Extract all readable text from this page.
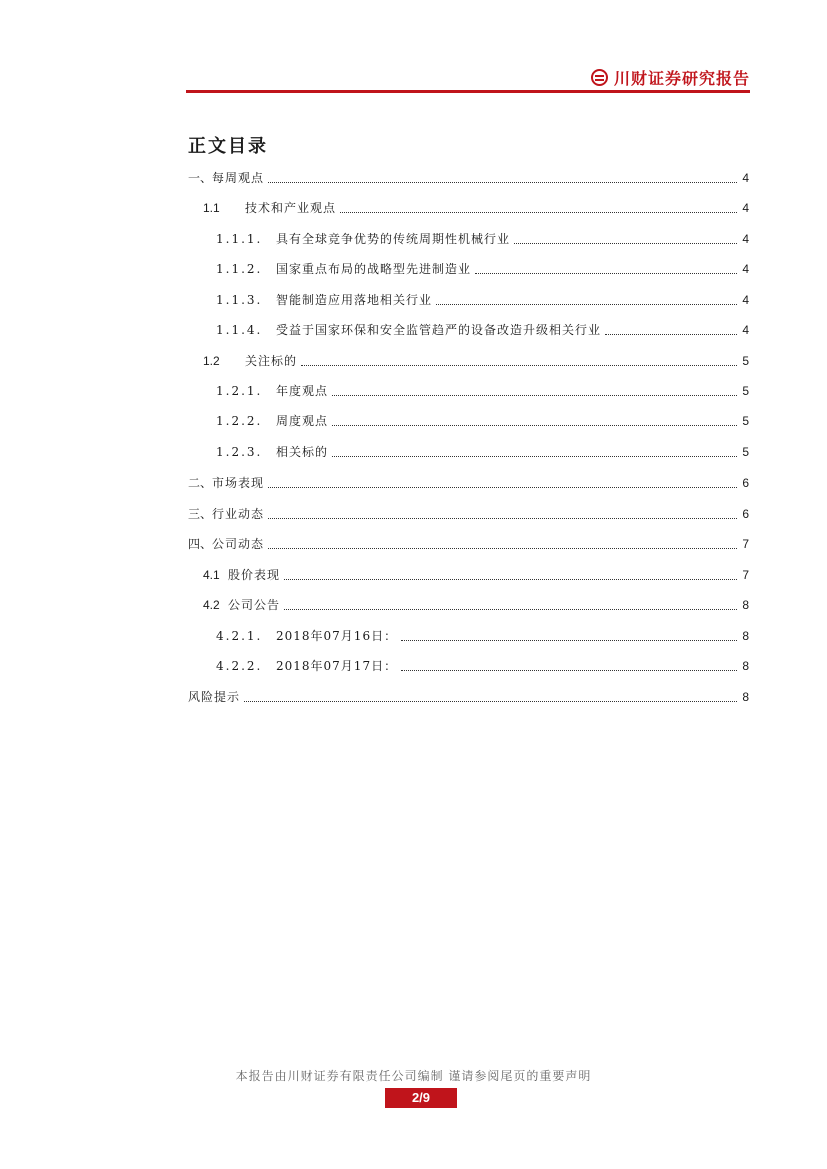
川财证券研究报告
正文目录
一、 每周观点	4
1.1	技术和产业观点	4
1.1.1.	具有全球竞争优势的传统周期性机械行业	4
1.1.2.	国家重点布局的战略型先进制造业	4
1.1.3.	智能制造应用落地相关行业	4
1.1.4.	受益于国家环保和安全监管趋严的设备改造升级相关行业	4
1.2	关注标的	5
1.2.1.	年度观点	5
1.2.2.	周度观点	5
1.2.3.	相关标的	5
二、 市场表现	6
三、 行业动态	6
四、 公司动态	7
4.1 股价表现	7
4.2 公司公告	8
4.2.1.	2018年07月16日：	8
4.2.2.	2018年07月17日：	8
风险提示	8
本报告由川财证券有限责任公司编制 谨请参阅尾页的重要声明
2/9
